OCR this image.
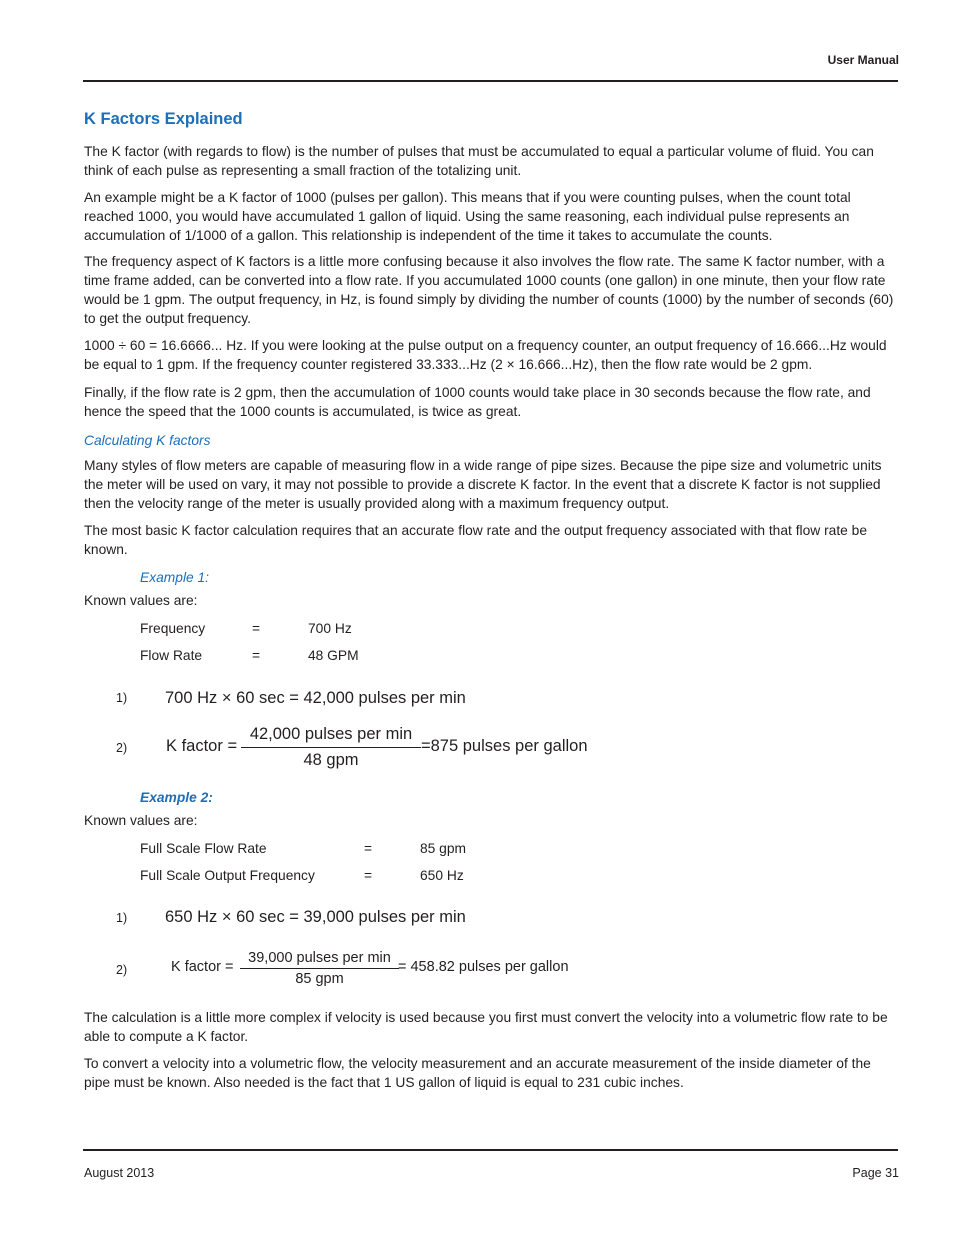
User Manual
K Factors Explained
The K factor (with regards to flow) is the number of pulses that must be accumulated to equal a particular volume of fluid. You can think of each pulse as representing a small fraction of the totalizing unit.
An example might be a K factor of 1000 (pulses per gallon). This means that if you were counting pulses, when the count total reached 1000, you would have accumulated 1 gallon of liquid. Using the same reasoning, each individual pulse represents an accumulation of 1/1000 of a gallon. This relationship is independent of the time it takes to accumulate the counts.
The frequency aspect of K factors is a little more confusing because it also involves the flow rate. The same K factor number, with a time frame added, can be converted into a flow rate. If you accumulated 1000 counts (one gallon) in one minute, then your flow rate would be 1 gpm. The output frequency, in Hz, is found simply by dividing the number of counts (1000) by the number of seconds (60) to get the output frequency.
1000 ÷ 60 = 16.6666... Hz. If you were looking at the pulse output on a frequency counter, an output frequency of 16.666...Hz would be equal to 1 gpm. If the frequency counter registered 33.333...Hz (2 × 16.666...Hz), then the flow rate would be 2 gpm.
Finally, if the flow rate is 2 gpm, then the accumulation of 1000 counts would take place in 30 seconds because the flow rate, and hence the speed that the 1000 counts is accumulated, is twice as great.
Calculating K factors
Many styles of flow meters are capable of measuring flow in a wide range of pipe sizes. Because the pipe size and volumetric units the meter will be used on vary, it may not possible to provide a discrete K factor. In the event that a discrete K factor is not supplied then the velocity range of the meter is usually provided along with a maximum frequency output.
The most basic K factor calculation requires that an accurate flow rate and the output frequency associated with that flow rate be known.
Example 1:
Known values are:
Frequency	=	700 Hz
Flow Rate	=	48 GPM
1) 700 Hz × 60 sec = 42,000 pulses per min
2) K factor =
42,000 pulses per min
48 gpm
=875 pulses per gallon
Example 2:
Known values are:
Full Scale Flow Rate	=	85 gpm
Full Scale Output Frequency	=	650 Hz
1) 650 Hz × 60 sec = 39,000 pulses per min
2)	K factor =
39,000 pulses per min
85 gpm
= 458.82 pulses per gallon
The calculation is a little more complex if velocity is used because you first must convert the velocity into a volumetric flow rate to be able to compute a K factor.
To convert a velocity into a volumetric flow, the velocity measurement and an accurate measurement of the inside diameter of the pipe must be known. Also needed is the fact that 1 US gallon of liquid is equal to 231 cubic inches.
August 2013	Page 31
